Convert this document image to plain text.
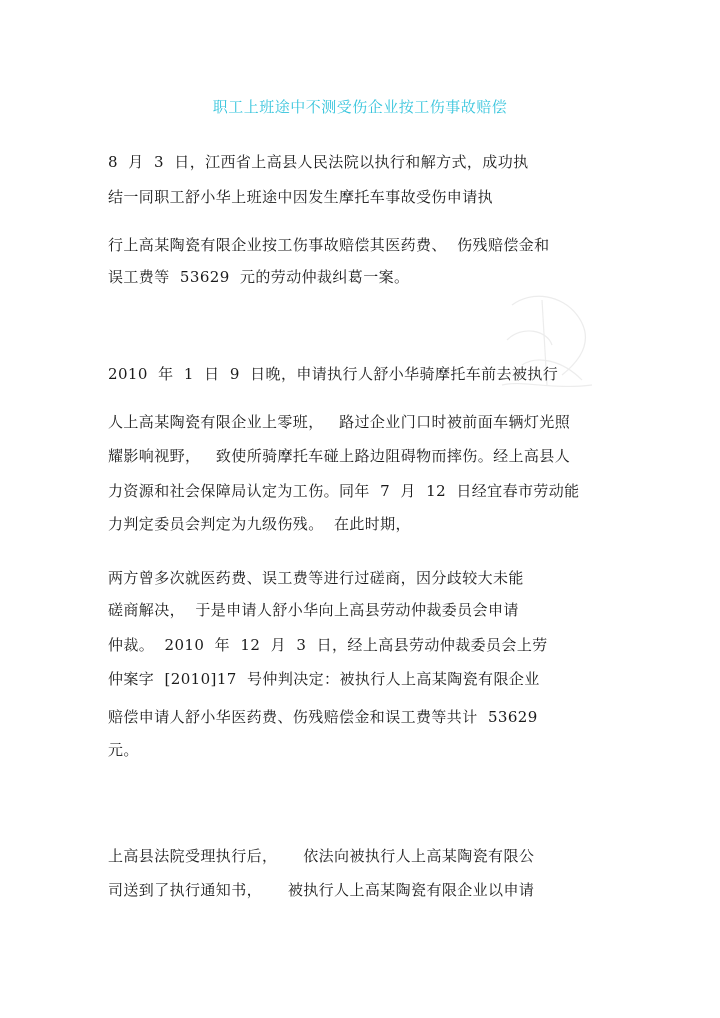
职工上班途中不测受伤企业按工伤事故赔偿
8  月  3  日，江西省上高县人民法院以执行和解方式，成功执
结一同职工舒小华上班途中因发生摩托车事故受伤申请执
行上高某陶瓷有限企业按工伤事故赔偿其医药费、  伤残赔偿金和
误工费等  53629  元的劳动仲裁纠葛一案。
2010  年  1  日  9  日晚，申请执行人舒小华骑摩托车前去被执行
人上高某陶瓷有限企业上零班，   路过企业门口时被前面车辆灯光照
耀影响视野，   致使所骑摩托车碰上路边阻碍物而摔伤。经上高县人
力资源和社会保障局认定为工伤。同年  7  月  12  日经宜春市劳动能
力判定委员会判定为九级伤残。  在此时期，
两方曾多次就医药费、误工费等进行过磋商，因分歧较大未能
磋商解决，  于是申请人舒小华向上高县劳动仲裁委员会申请
仲裁。  2010  年  12  月  3  日，经上高县劳动仲裁委员会上劳
仲案字  [2010]17  号仲判决定：被执行人上高某陶瓷有限企业
赔偿申请人舒小华医药费、伤残赔偿金和误工费等共计  53629
元。
上高县法院受理执行后，     依法向被执行人上高某陶瓷有限公
司送到了执行通知书，     被执行人上高某陶瓷有限企业以申请
